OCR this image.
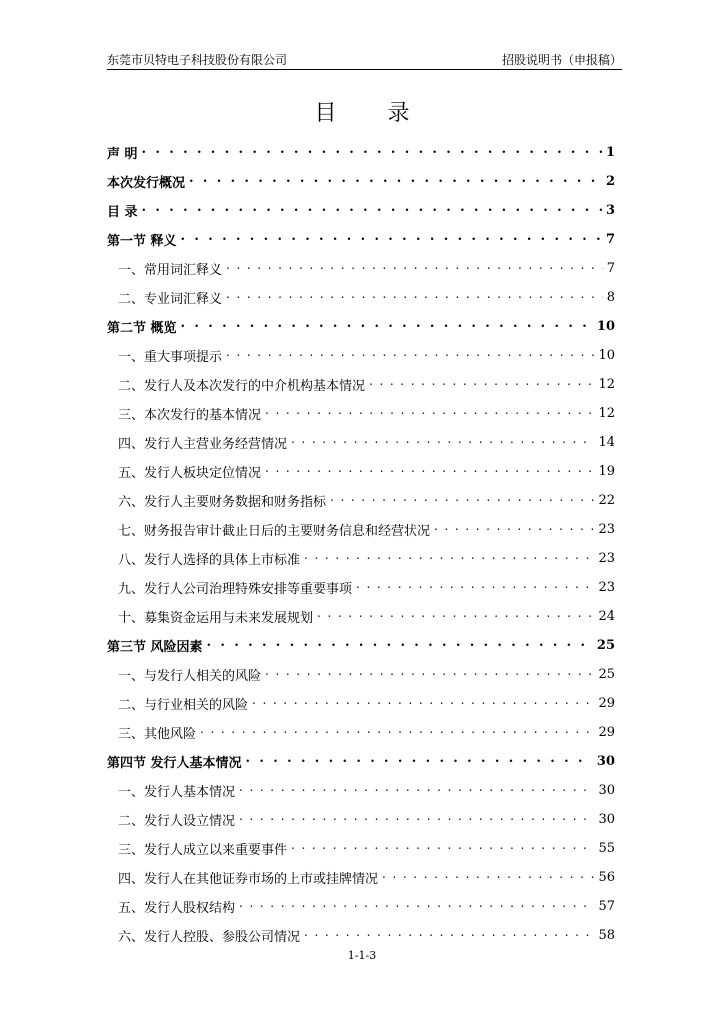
东莞市贝特电子科技股份有限公司	招股说明书（申报稿）
目 录
声 明 . . .	1
本次发行概况 . . .	2
目 录 . . .	3
第一节 释义 . . .	7
一、常用词汇释义 . . .	7
二、专业词汇释义 . . .	8
第二节 概览 . . .	10
一、重大事项提示 . . .	10
二、发行人及本次发行的中介机构基本情况 . . .	12
三、本次发行的基本情况 . . .	12
四、发行人主营业务经营情况 . . .	14
五、发行人板块定位情况 . . .	19
六、发行人主要财务数据和财务指标 . . .	22
七、财务报告审计截止日后的主要财务信息和经营状况 . . .	23
八、发行人选择的具体上市标准 . . .	23
九、发行人公司治理特殊安排等重要事项 . . .	23
十、募集资金运用与未来发展规划 . . .	24
第三节 风险因素 . . .	25
一、与发行人相关的风险 . . .	25
二、与行业相关的风险 . . .	29
三、其他风险 . . .	29
第四节 发行人基本情况 . . .	30
一、发行人基本情况 . . .	30
二、发行人设立情况 . . .	30
三、发行人成立以来重要事件 . . .	55
四、发行人在其他证券市场的上市或挂牌情况 . . .	56
五、发行人股权结构 . . .	57
六、发行人控股、参股公司情况 . . .	58
1-1-3
